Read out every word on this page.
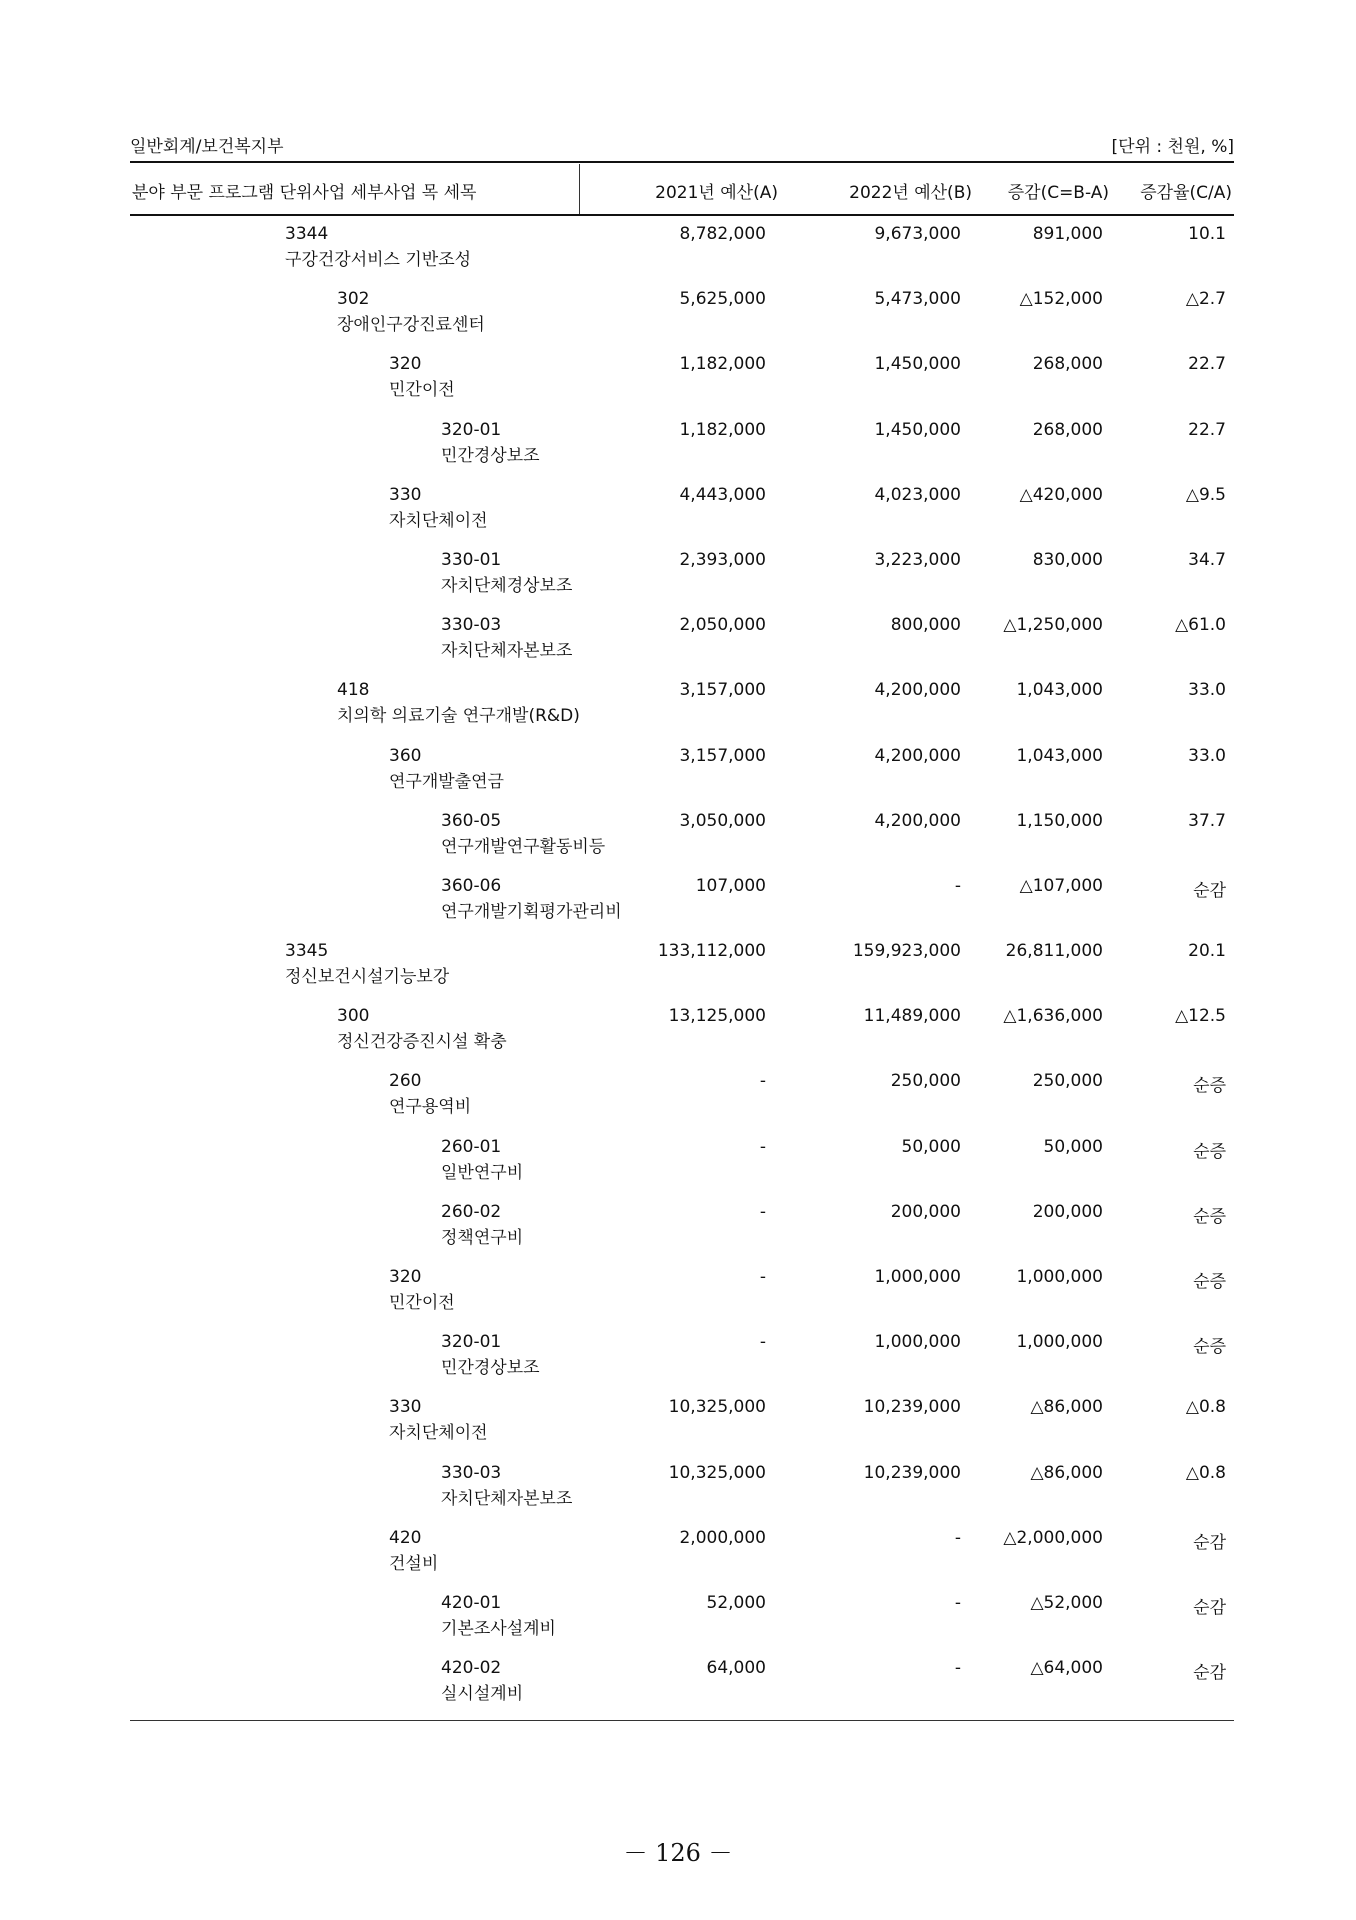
일반회계/보건복지부	[단위 : 천원, %]
분야 부문 프로그램 단위사업 세부사업 목 세목	2021년 예산(A)	2022년 예산(B) 증감(C=B-A) 증감율(C/A)
3344
구강건강서비스 기반조성
8,782,000	9,673,000	891,000	10.1
302
장애인구강진료센터
5,625,000	5,473,000	△152,000	△2.7
320
민간이전
1,182,000	1,450,000	268,000	22.7
320-01
민간경상보조
1,182,000	1,450,000	268,000	22.7
330
자치단체이전
4,443,000	4,023,000	△420,000	△9.5
330-01
자치단체경상보조
2,393,000	3,223,000	830,000	34.7
330-03
자치단체자본보조
2,050,000	800,000 △1,250,000	△61.0
418
치의학 의료기술 연구개발(R&D)
3,157,000	4,200,000	1,043,000	33.0
360
연구개발출연금
3,157,000	4,200,000	1,043,000	33.0
360-05
연구개발연구활동비등
3,050,000	4,200,000	1,150,000	37.7
360-06
연구개발기획평가관리비
107,000	-	△107,000	순감
3345
정신보건시설기능보강
133,112,000	159,923,000	26,811,000	20.1
300
정신건강증진시설 확충
13,125,000	11,489,000 △1,636,000	△12.5
260
연구용역비
-	250,000	250,000	순증
260-01
일반연구비
-	50,000	50,000	순증
260-02
정책연구비
-	200,000	200,000	순증
320
민간이전
-	1,000,000	1,000,000	순증
320-01
민간경상보조
-	1,000,000	1,000,000	순증
330
자치단체이전
10,325,000	10,239,000	△86,000	△0.8
330-03
자치단체자본보조
10,325,000	10,239,000	△86,000	△0.8
420
건설비
2,000,000	- △2,000,000	순감
420-01
기본조사설계비
52,000	-	△52,000	순감
420-02
실시설계비
64,000	-	△64,000	순감
－ 126 －
